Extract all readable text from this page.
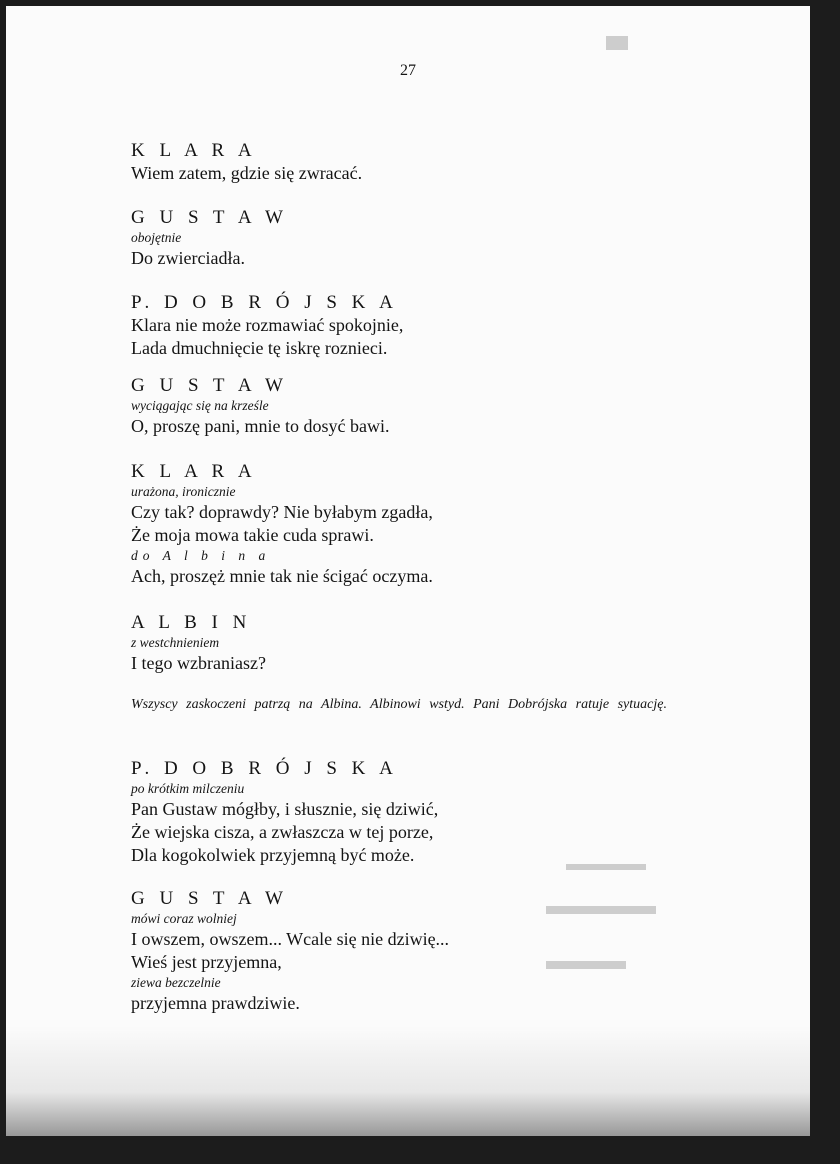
27
K L A R A
Wiem zatem, gdzie się zwracać.
G U S T A W
obojętnie
Do zwierciadła.
P. D O B R Ó J S K A
Klara nie może rozmawiać spokojnie,
Lada dmuchnięcie tę iskrę roznieci.
G U S T A W
wyciągając się na krześle
O, proszę pani, mnie to dosyć bawi.
K L A R A
urażona, ironicznie
Czy tak? doprawdy? Nie byłabym zgadła,
Że moja mowa takie cuda sprawi.
do A l b i n a
Ach, proszęż mnie tak nie ścigać oczyma.
A L B I N
z westchnieniem
I tego wzbraniasz?
Wszyscy zaskoczeni patrzą na Albina. Albinowi wstyd. Pani Dobrójska ratuje sytuację.
P. D O B R Ó J S K A
po krótkim milczeniu
Pan Gustaw mógłby, i słusznie, się dziwić,
Że wiejska cisza, a zwłaszcza w tej porze,
Dla kogokolwiek przyjemną być może.
G U S T A W
mówi coraz wolniej
I owszem, owszem... Wcale się nie dziwię...
Wieś jest przyjemna,
ziewa bezczelnie
przyjemna prawdziwie.
